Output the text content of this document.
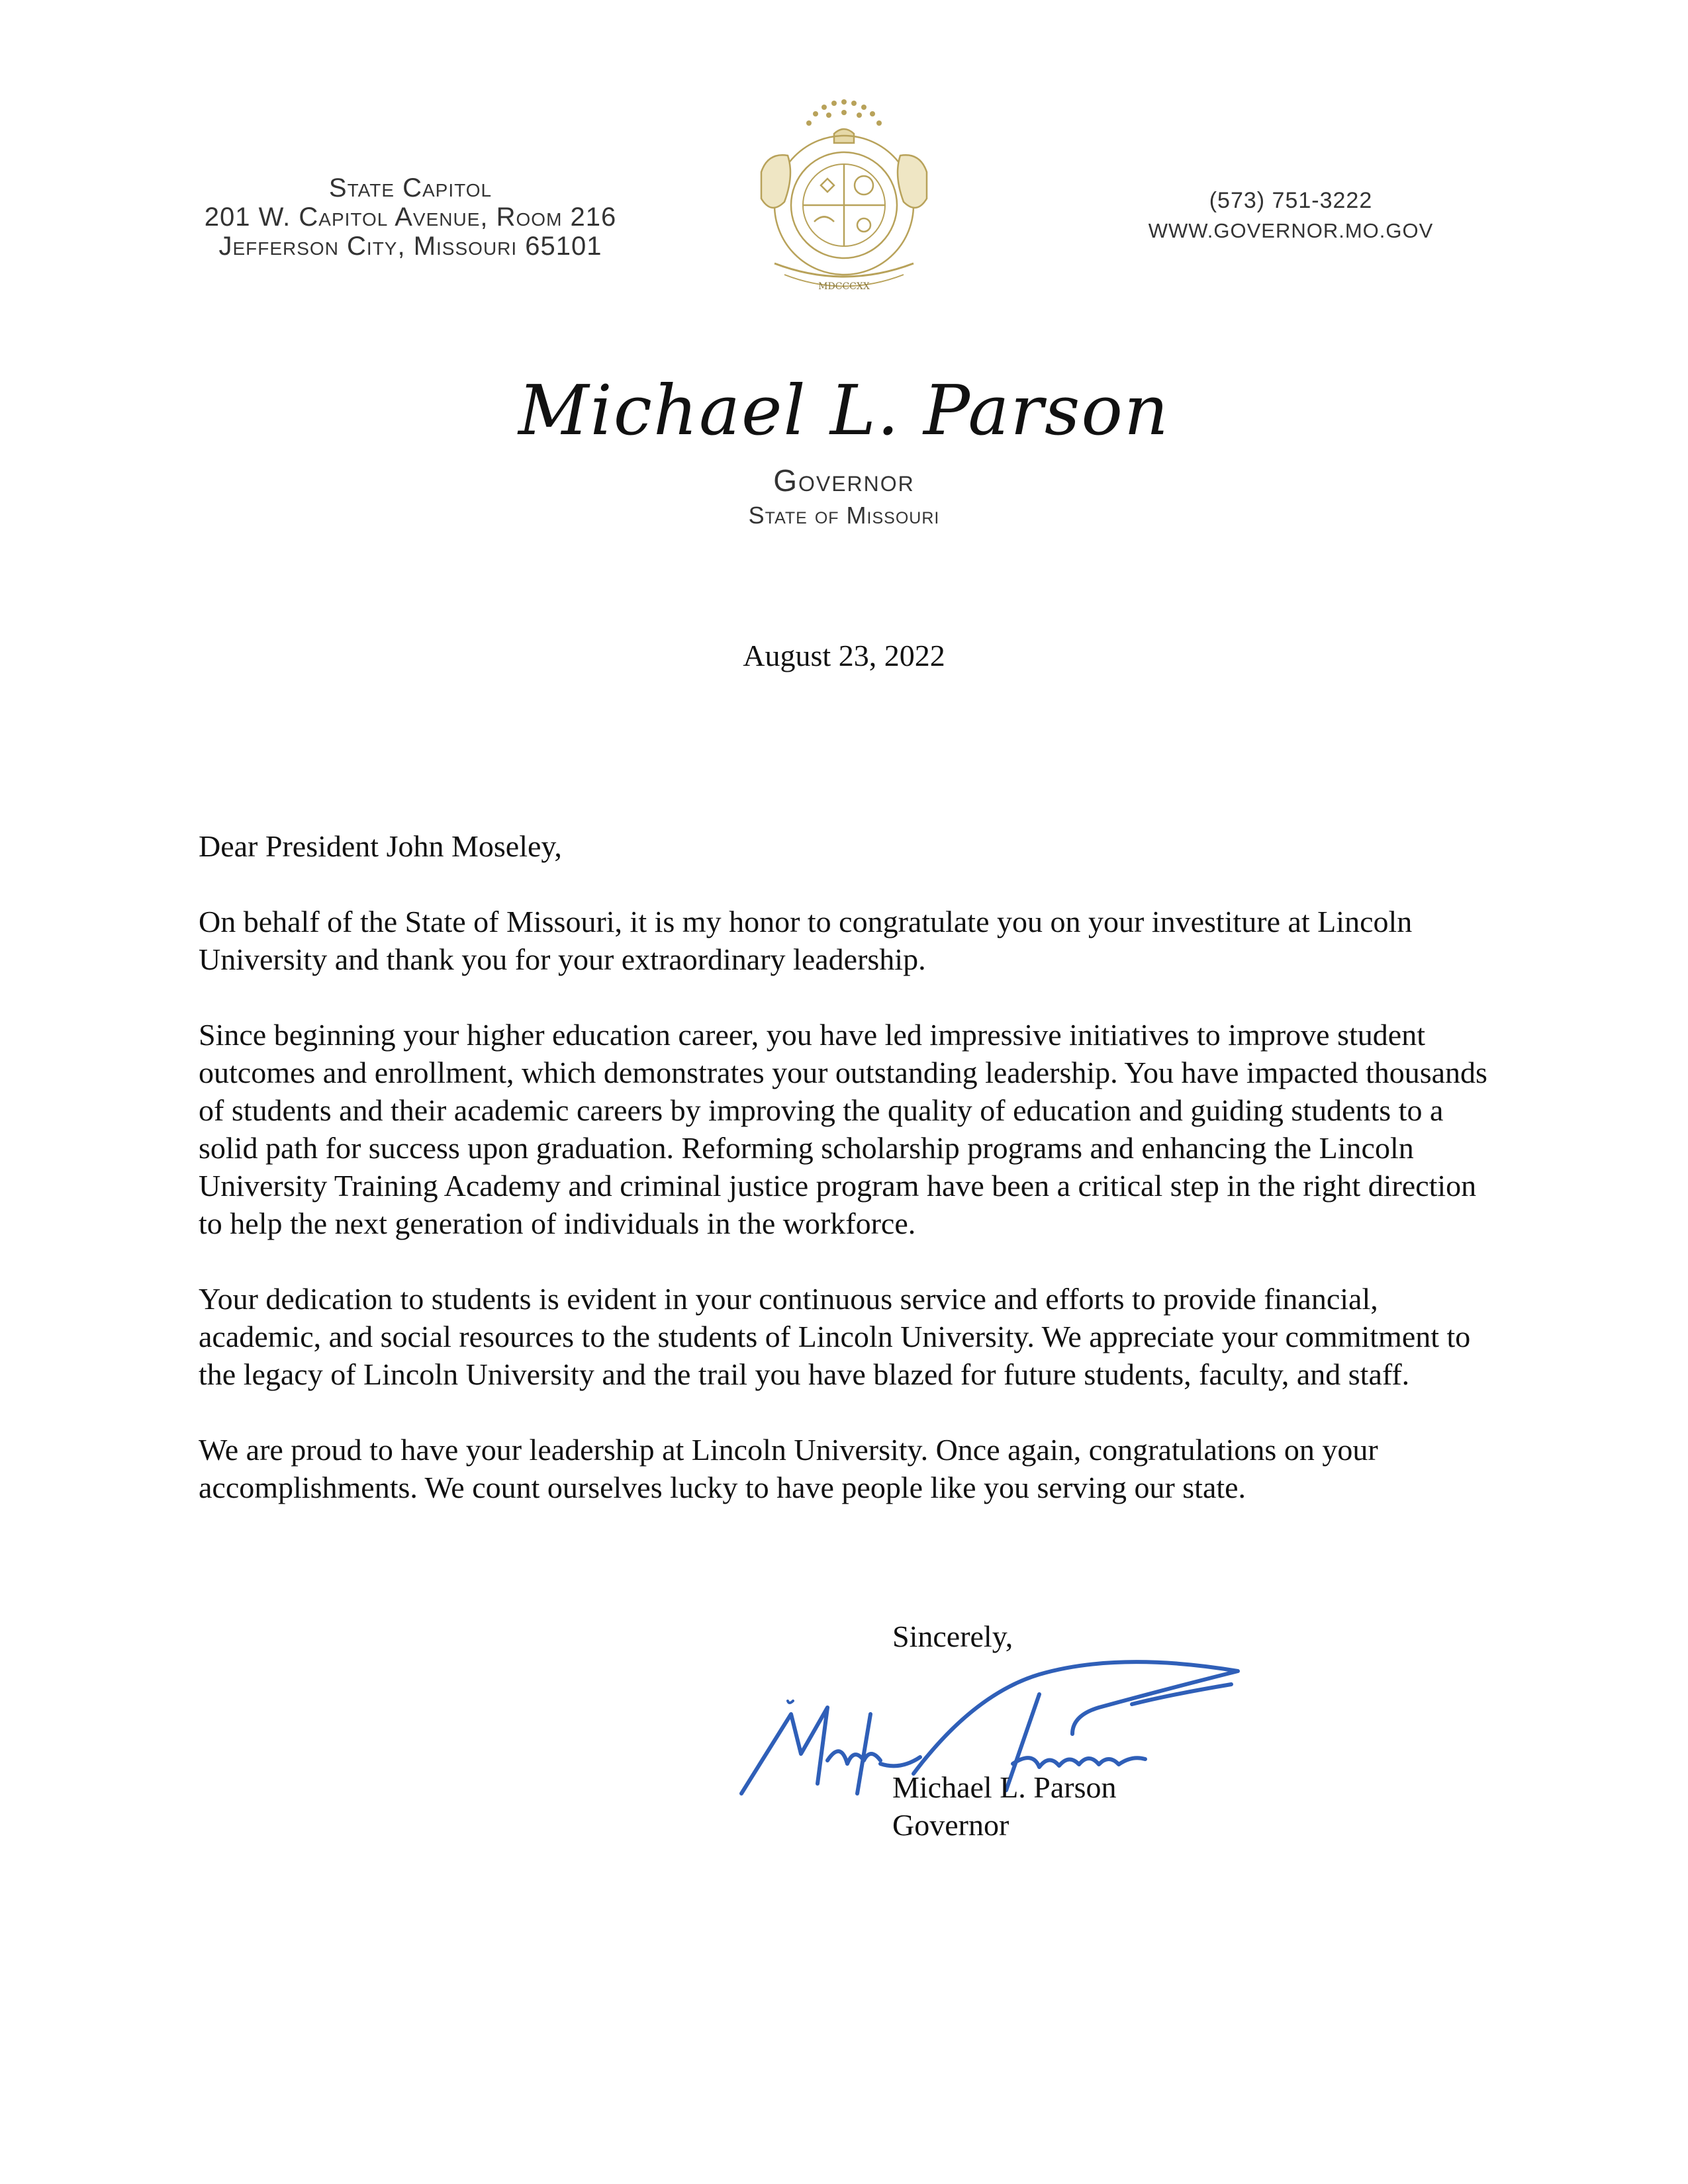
State Capitol
201 W. Capitol Avenue, Room 216
Jefferson City, Missouri 65101
MDCCCXX
(573) 751-3222
WWW.GOVERNOR.MO.GOV
Michael L. Parson
Governor
State of Missouri
August 23, 2022

Dear President John Moseley,

On behalf of the State of Missouri, it is my honor to congratulate you on your investiture at Lincoln University and thank you for your extraordinary leadership.

Since beginning your higher education career, you have led impressive initiatives to improve student outcomes and enrollment, which demonstrates your outstanding leadership. You have impacted thousands of students and their academic careers by improving the quality of education and guiding students to a solid path for success upon graduation. Reforming scholarship programs and enhancing the Lincoln University Training Academy and criminal justice program have been a critical step in the right direction to help the next generation of individuals in the workforce.

Your dedication to students is evident in your continuous service and efforts to provide financial, academic, and social resources to the students of Lincoln University. We appreciate your commitment to the legacy of Lincoln University and the trail you have blazed for future students, faculty, and staff.

We are proud to have your leadership at Lincoln University. Once again, congratulations on your accomplishments. We count ourselves lucky to have people like you serving our state.

Sincerely,
Michael L. Parson
Governor
